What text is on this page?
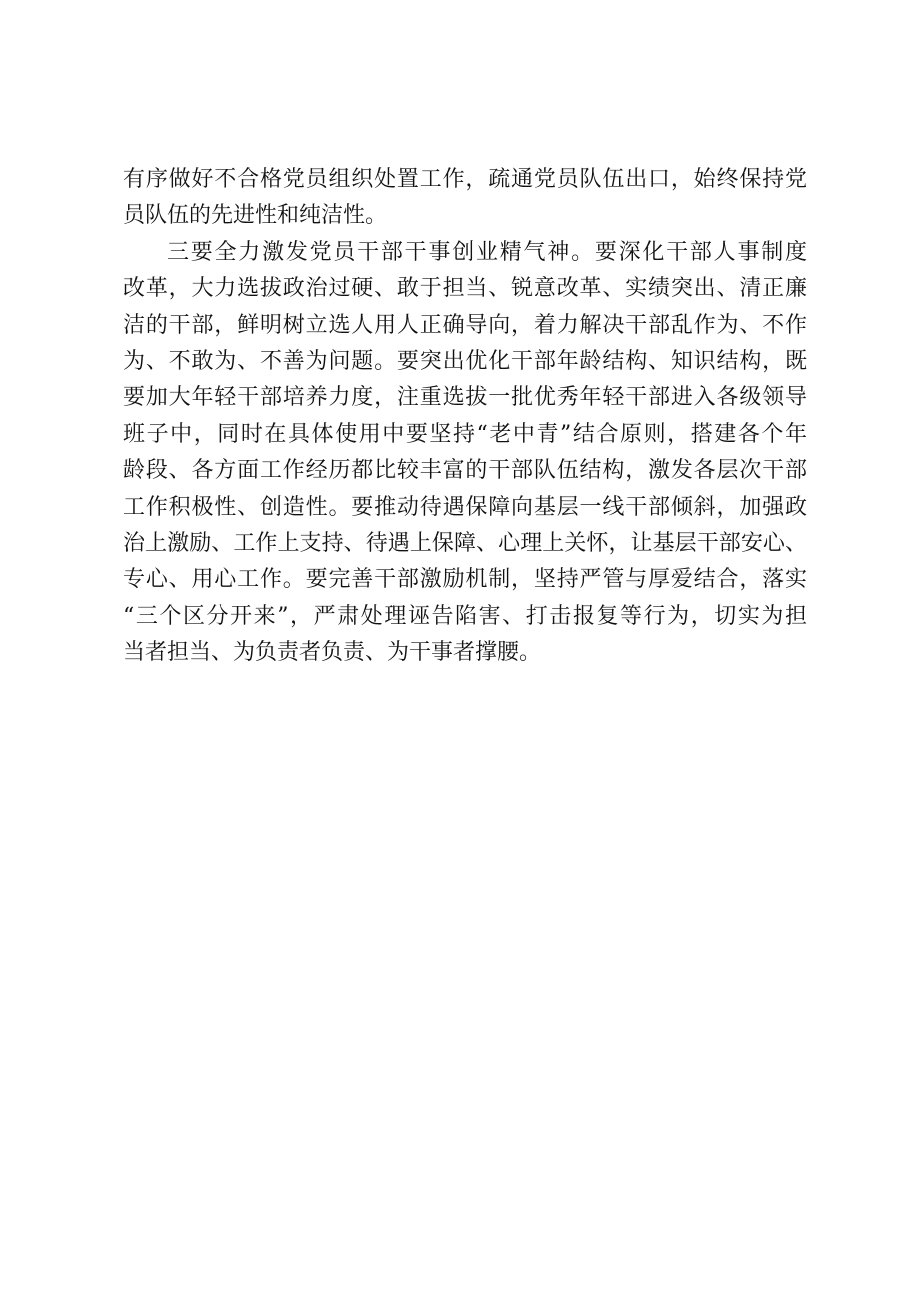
有序做好不合格党员组织处置工作，疏通党员队伍出口，始终保持党
员队伍的先进性和纯洁性。
三要全力激发党员干部干事创业精气神。要深化干部人事制度
改革，大力选拔政治过硬、敢于担当、锐意改革、实绩突出、清正廉
洁的干部，鲜明树立选人用人正确导向，着力解决干部乱作为、不作
为、不敢为、不善为问题。要突出优化干部年龄结构、知识结构，既
要加大年轻干部培养力度，注重选拔一批优秀年轻干部进入各级领导
班子中，同时在具体使用中要坚持“老中青”结合原则，搭建各个年
龄段、各方面工作经历都比较丰富的干部队伍结构，激发各层次干部
工作积极性、创造性。要推动待遇保障向基层一线干部倾斜，加强政
治上激励、工作上支持、待遇上保障、心理上关怀，让基层干部安心、
专心、用心工作。要完善干部激励机制，坚持严管与厚爱结合，落实
“三个区分开来”，严肃处理诬告陷害、打击报复等行为，切实为担
当者担当、为负责者负责、为干事者撑腰。
